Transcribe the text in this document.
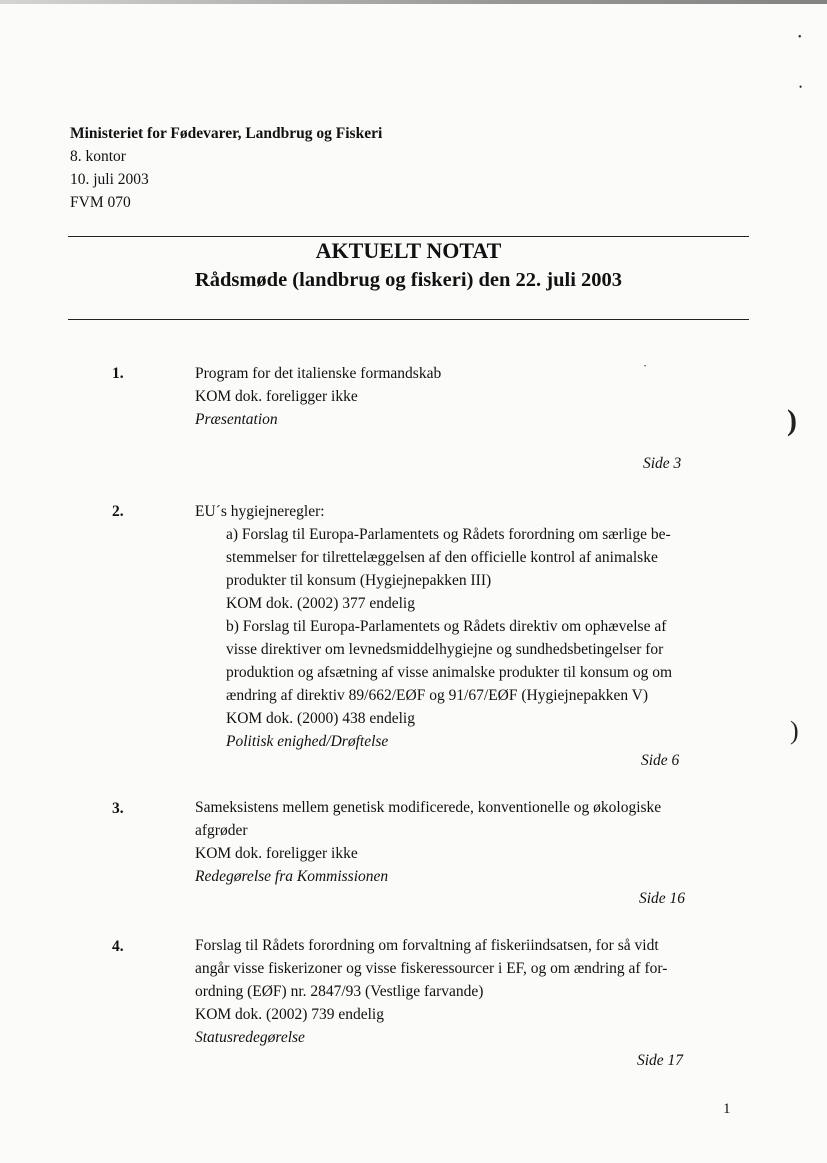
Ministeriet for Fødevarer, Landbrug og Fiskeri
8. kontor
10. juli 2003
FVM 070
AKTUELT NOTAT
Rådsmøde (landbrug og fiskeri) den 22. juli 2003
1.	Program for det italienske formandskab
KOM dok. foreligger ikke
Præsentation
Side 3
2.	EU´s hygiejneregler:
a) Forslag til Europa-Parlamentets og Rådets forordning om særlige be-
stemmelser for tilrettelæggelsen af den officielle kontrol af animalske
produkter til konsum (Hygiejnepakken III)
KOM dok. (2002) 377 endelig
b) Forslag til Europa-Parlamentets og Rådets direktiv om ophævelse af
visse direktiver om levnedsmiddelhygiejne og sundhedsbetingelser for
produktion og afsætning af visse animalske produkter til konsum og om
ændring af direktiv 89/662/EØF og 91/67/EØF (Hygiejnepakken V)
KOM dok. (2000) 438 endelig
Politisk enighed/Drøftelse
Side 6
3.	Sameksistens mellem genetisk modificerede, konventionelle og økologiske
afgrøder
KOM dok. foreligger ikke
Redegørelse fra Kommissionen
Side 16
4.	Forslag til Rådets forordning om forvaltning af fiskeriindsatsen, for så vidt
angår visse fiskerizoner og visse fiskeressourcer i EF, og om ændring af for-
ordning (EØF) nr. 2847/93 (Vestlige farvande)
KOM dok. (2002) 739 endelig
Statusredegørelse
Side 17
1
)
)
•
•
•
